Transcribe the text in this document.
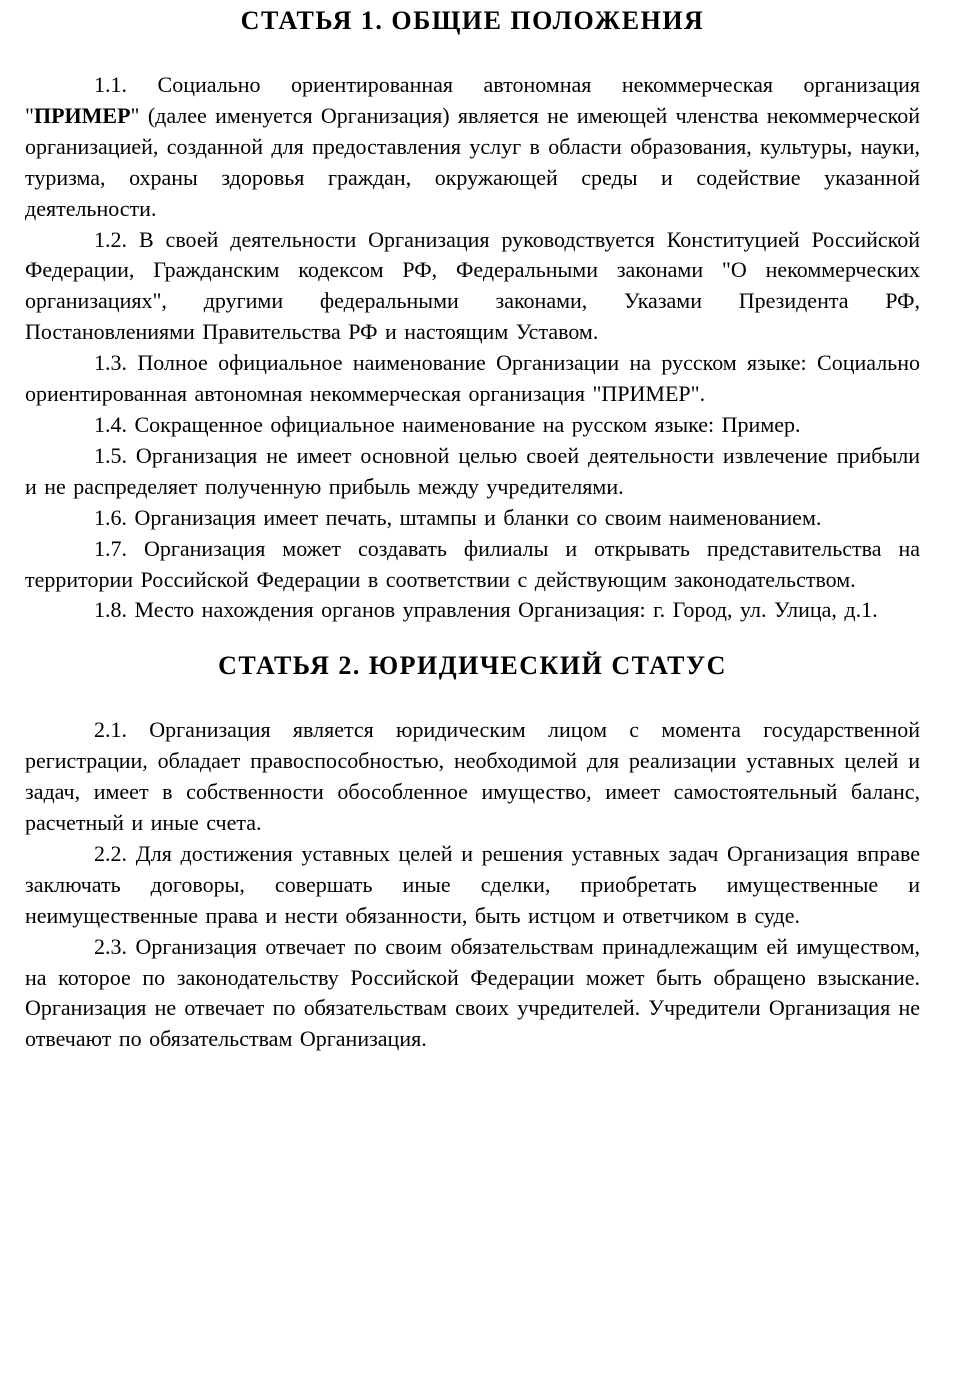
СТАТЬЯ 1. ОБЩИЕ ПОЛОЖЕНИЯ

1.1. Социально ориентированная автономная некоммерческая организация "ПРИМЕР" (далее именуется Организация) является не имеющей членства некоммерческой организацией, созданной для предоставления услуг в области образования, культуры, науки, туризма, охраны здоровья граждан, окружающей среды и содействие указанной деятельности.

1.2. В своей деятельности Организация руководствуется Конституцией Российской Федерации, Гражданским кодексом РФ, Федеральными законами "О некоммерческих организациях", другими федеральными законами, Указами Президента РФ, Постановлениями Правительства РФ и настоящим Уставом.

1.3. Полное официальное наименование Организации на русском языке: Социально ориентированная автономная некоммерческая организация "ПРИМЕР".

1.4. Сокращенное официальное наименование на русском языке: Пример.

1.5. Организация не имеет основной целью своей деятельности извлечение прибыли и не распределяет полученную прибыль между учредителями.

1.6. Организация имеет печать, штампы и бланки со своим наименованием.

1.7. Организация может создавать филиалы и открывать представительства на территории Российской Федерации в соответствии с действующим законодательством.

1.8. Место нахождения органов управления Организация: г. Город, ул. Улица, д.1.

СТАТЬЯ 2. ЮРИДИЧЕСКИЙ СТАТУС

2.1. Организация является юридическим лицом с момента государственной регистрации, обладает правоспособностью, необходимой для реализации уставных целей и задач, имеет в собственности обособленное имущество, имеет самостоятельный баланс, расчетный и иные счета.

2.2. Для достижения уставных целей и решения уставных задач Организация вправе заключать договоры, совершать иные сделки, приобретать имущественные и неимущественные права и нести обязанности, быть истцом и ответчиком в суде.

2.3. Организация отвечает по своим обязательствам принадлежащим ей имуществом, на которое по законодательству Российской Федерации может быть обращено взыскание. Организация не отвечает по обязательствам своих учредителей. Учредители Организация не отвечают по обязательствам Организация.
